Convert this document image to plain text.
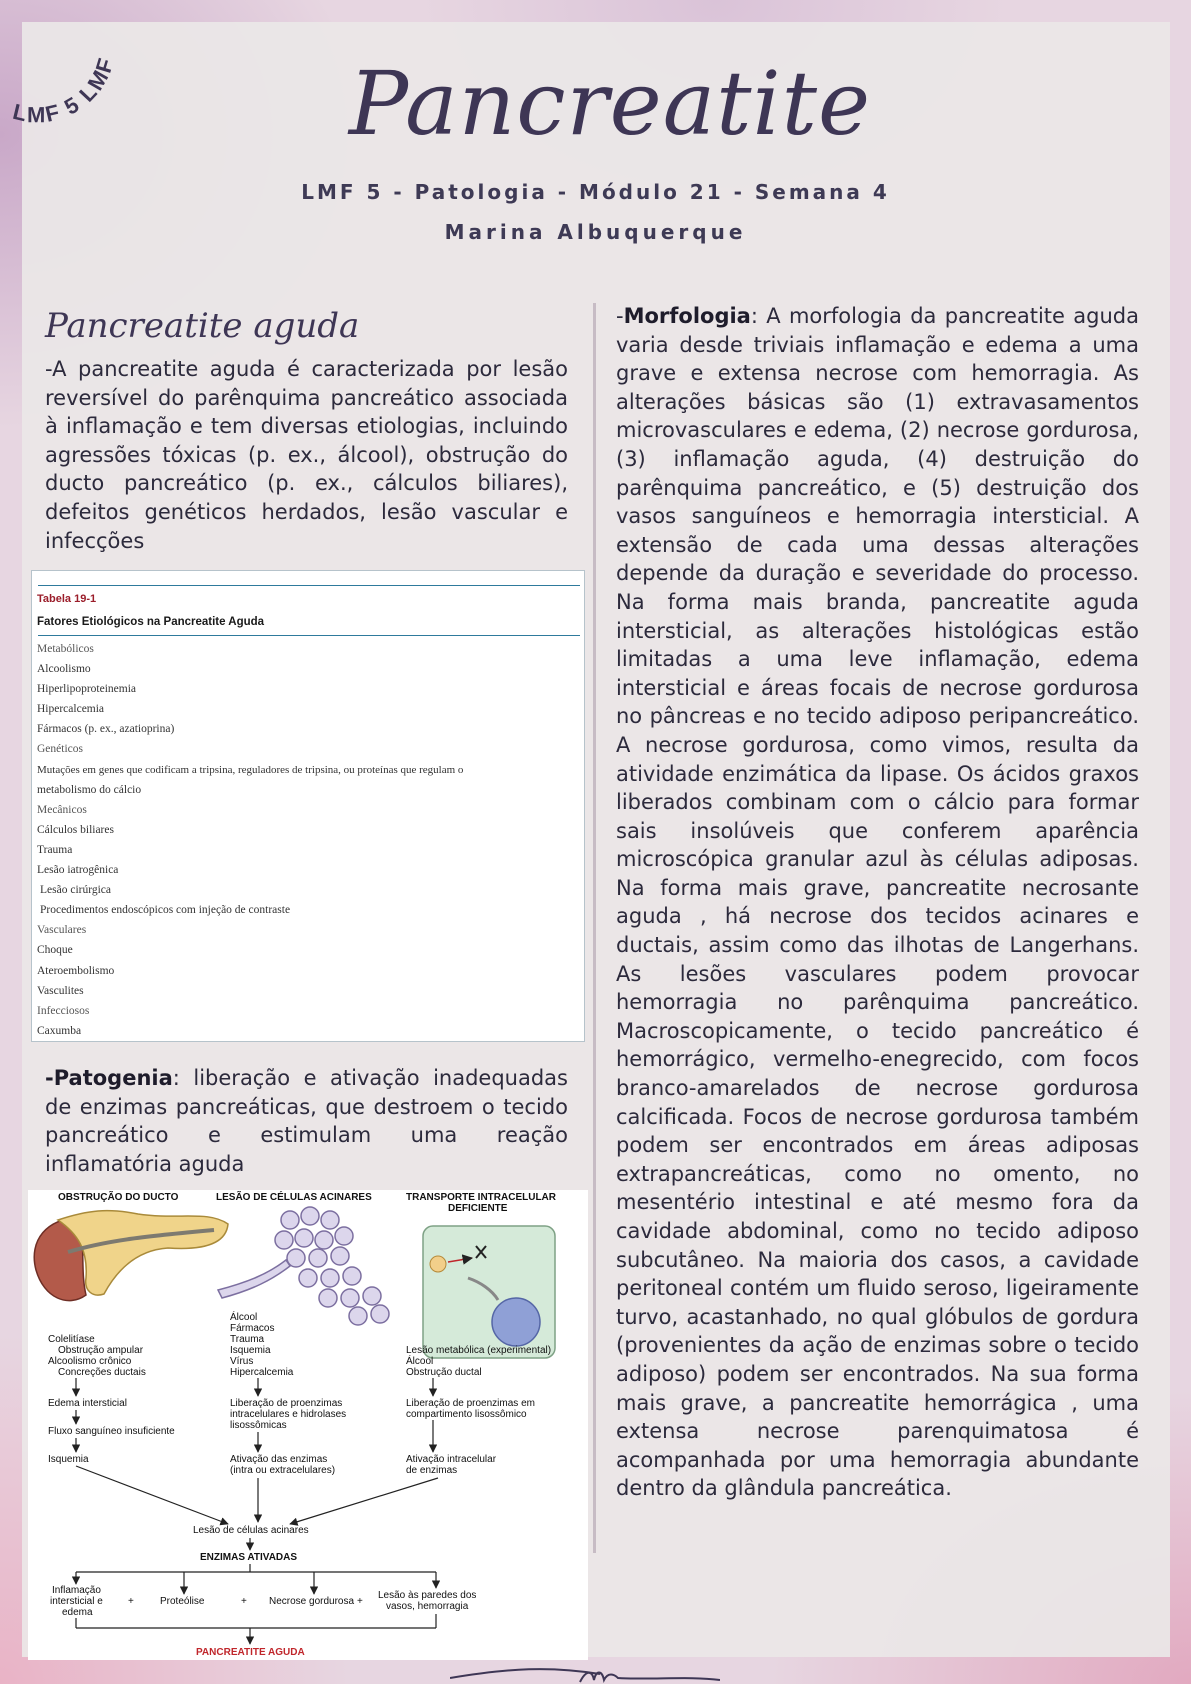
LMF 5 LMF	Pancreatite
LMF 5 - Patologia - Módulo 21 - Semana 4
Marina Albuquerque
Pancreatite aguda
-A pancreatite aguda é caracterizada por lesão reversível do parênquima pancreático associada à inflamação e tem diversas etiologias, incluindo agressões tóxicas (p. ex., álcool), obstrução do ducto pancreático (p. ex., cálculos biliares), defeitos genéticos herdados, lesão vascular e infecções
Tabela 19-1
Fatores Etiológicos na Pancreatite Aguda
Metabólicos
Alcoolismo
Hiperlipoproteinemia
Hipercalcemia
Fármacos (p. ex., azatioprina)
Genéticos
Mutações em genes que codificam a tripsina, reguladores de tripsina, ou proteínas que regulam o
metabolismo do cálcio
Mecânicos
Cálculos biliares
Trauma
Lesão iatrogênica
Lesão cirúrgica
Procedimentos endoscópicos com injeção de contraste
Vasculares
Choque
Ateroembolismo
Vasculites
Infecciosos
Caxumba
-Patogenia: liberação e ativação inadequadas de enzimas pancreáticas, que destroem o tecido pancreático e estimulam uma reação inflamatória aguda
OBSTRUÇÃO DO DUCTO	LESÃO DE CÉLULAS ACINARES	TRANSPORTE INTRACELULAR
DEFICIENTE
Colelitíase
Obstrução ampular
Alcoolismo crônico
Concreções ductais
Edema intersticial
Fluxo sanguíneo insuficiente
Isquemia
Álcool
Fármacos
Trauma
Isquemia
Vírus
Hipercalcemia
Liberação de proenzimas
intracelulares e hidrolases
lisossômicas
Ativação das enzimas
(intra ou extracelulares)
Lesão metabólica (experimental)
Álcool
Obstrução ductal
Liberação de proenzimas em
compartimento lisossômico
Ativação intracelular
de enzimas
Lesão de células acinares
ENZIMAS ATIVADAS
Inflamação
intersticial e
edema
+	Proteólise	+ Necrose gordurosa +
Lesão às paredes dos
vasos, hemorragia
PANCREATITE AGUDA
-Morfologia: A morfologia da pancreatite aguda varia desde triviais inflamação e edema a uma grave e extensa necrose com hemorragia. As alterações básicas são (1) extravasamentos microvasculares e edema, (2) necrose gordurosa, (3) inflamação aguda, (4) destruição do parênquima pancreático, e (5) destruição dos vasos sanguíneos e hemorragia intersticial. A extensão de cada uma dessas alterações depende da duração e severidade do processo. Na forma mais branda, pancreatite aguda intersticial, as alterações histológicas estão limitadas a uma leve inflamação, edema intersticial e áreas focais de necrose gordurosa no pâncreas e no tecido adiposo peripancreático. A necrose gordurosa, como vimos, resulta da atividade enzimática da lipase. Os ácidos graxos liberados combinam com o cálcio para formar sais insolúveis que conferem aparência microscópica granular azul às células adiposas. Na forma mais grave, pancreatite necrosante aguda , há necrose dos tecidos acinares e ductais, assim como das ilhotas de Langerhans. As lesões vasculares podem provocar hemorragia no parênquima pancreático. Macroscopicamente, o tecido pancreático é hemorrágico, vermelho-enegrecido, com focos branco-amarelados de necrose gordurosa calcificada. Focos de necrose gordurosa também podem ser encontrados em áreas adiposas extrapancreáticas, como no omento, no mesentério intestinal e até mesmo fora da cavidade abdominal, como no tecido adiposo subcutâneo. Na maioria dos casos, a cavidade peritoneal contém um fluido seroso, ligeiramente turvo, acastanhado, no qual glóbulos de gordura (provenientes da ação de enzimas sobre o tecido adiposo) podem ser encontrados. Na sua forma mais grave, a pancreatite hemorrágica , uma extensa necrose parenquimatosa é acompanhada por uma hemorragia abundante dentro da glândula pancreática.
